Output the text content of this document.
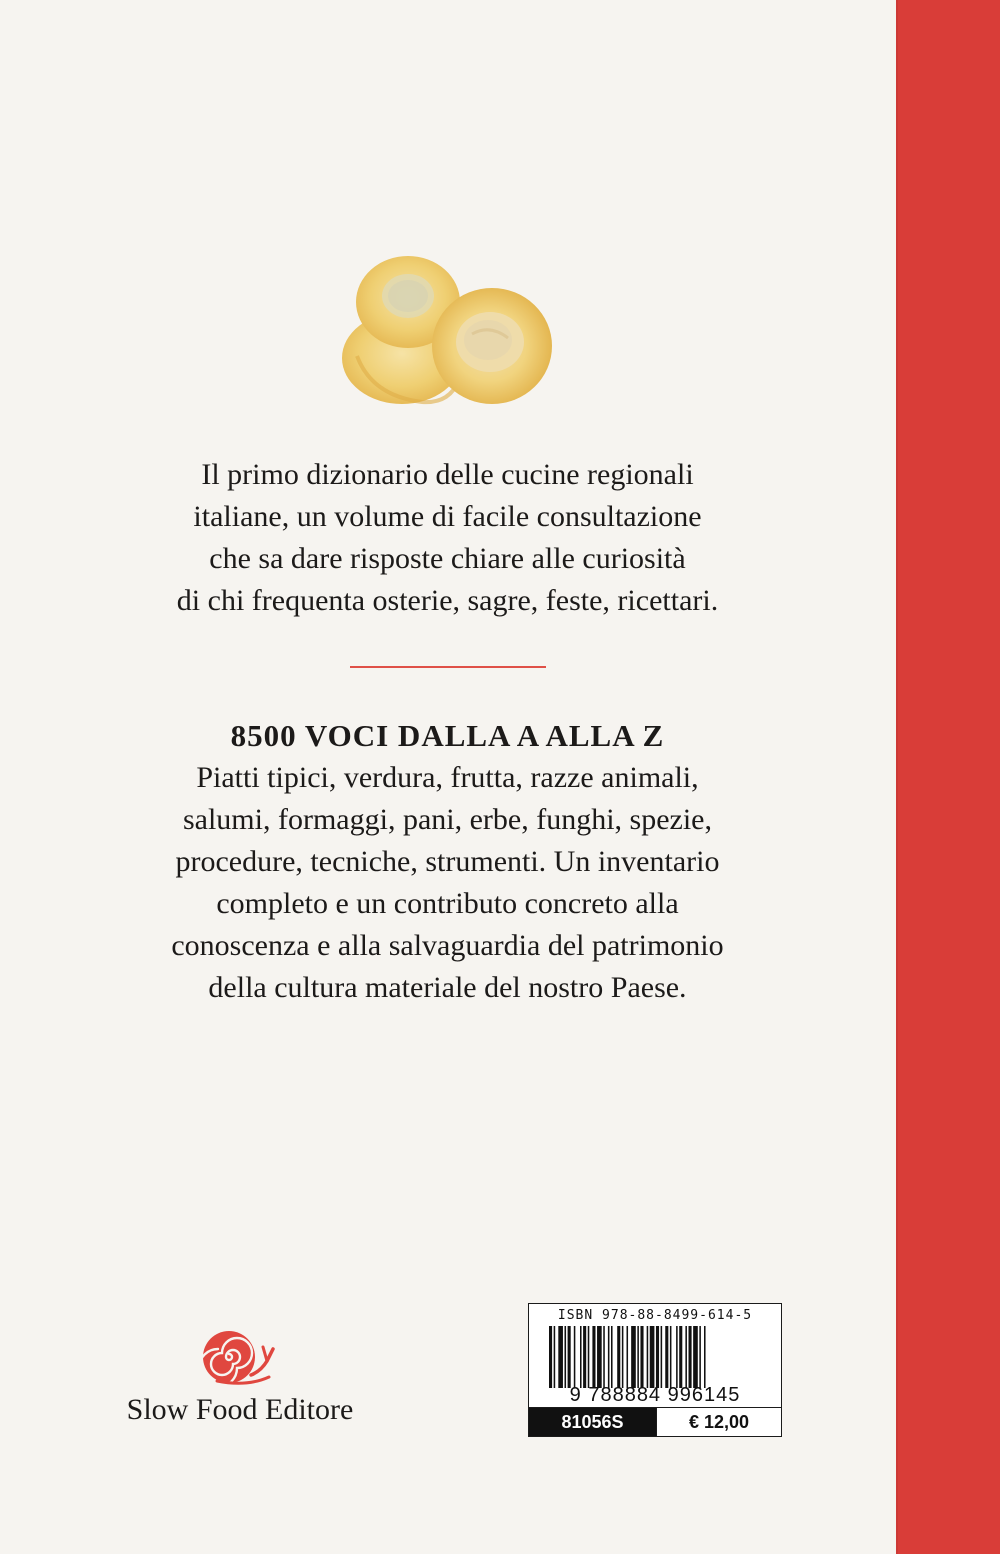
Il primo dizionario delle cucine regionali
italiane, un volume di facile consultazione
che sa dare risposte chiare alle curiosità
di chi frequenta osterie, sagre, feste, ricettari.

8500 VOCI DALLA A ALLA Z

Piatti tipici, verdura, frutta, razze animali,
salumi, formaggi, pani, erbe, funghi, spezie,
procedure, tecniche, strumenti. Un inventario
completo e un contributo concreto alla
conoscenza e alla salvaguardia del patrimonio
della cultura materiale del nostro Paese.
Slow Food Editore
ISBN 978-88-8499-614-5
9 788884 996145
81056S	€ 12,00
